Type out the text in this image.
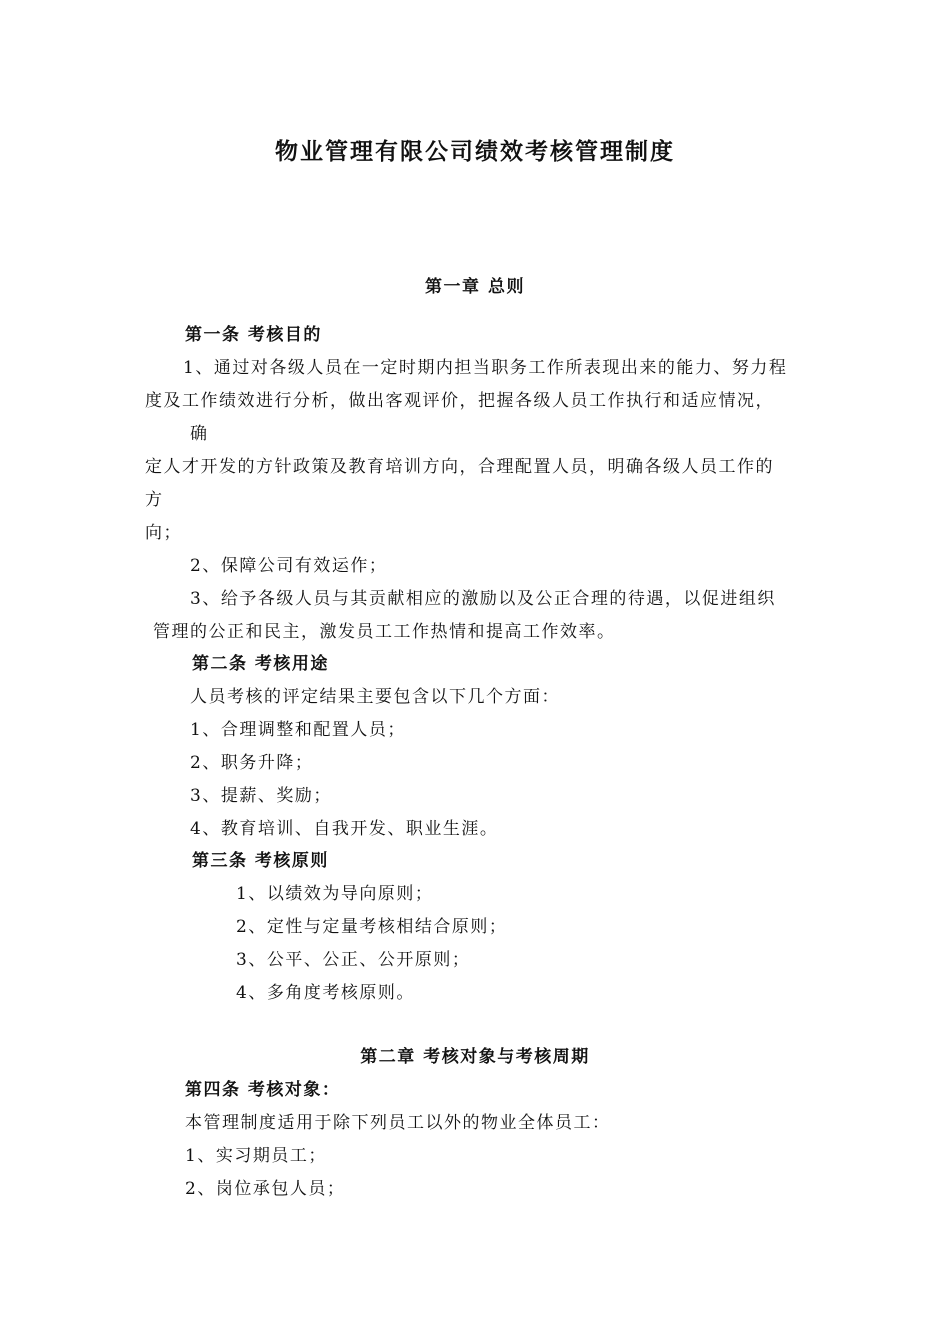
物业管理有限公司绩效考核管理制度
第一章 总则
第一条 考核目的
1、通过对各级人员在一定时期内担当职务工作所表现出来的能力、努力程
度及工作绩效进行分析，做出客观评价，把握各级人员工作执行和适应情况，
确
定人才开发的方针政策及教育培训方向，合理配置人员，明确各级人员工作的
方
向；
2、保障公司有效运作；
3、给予各级人员与其贡献相应的激励以及公正合理的待遇，以促进组织
管理的公正和民主，激发员工工作热情和提高工作效率。
第二条 考核用途
人员考核的评定结果主要包含以下几个方面：
1、合理调整和配置人员；
2、职务升降；
3、提薪、奖励；
4、教育培训、自我开发、职业生涯。
第三条 考核原则
1、以绩效为导向原则；
2、定性与定量考核相结合原则；
3、公平、公正、公开原则；
4、多角度考核原则。
第二章 考核对象与考核周期
第四条 考核对象：
本管理制度适用于除下列员工以外的物业全体员工：
1、实习期员工；
2、岗位承包人员；
